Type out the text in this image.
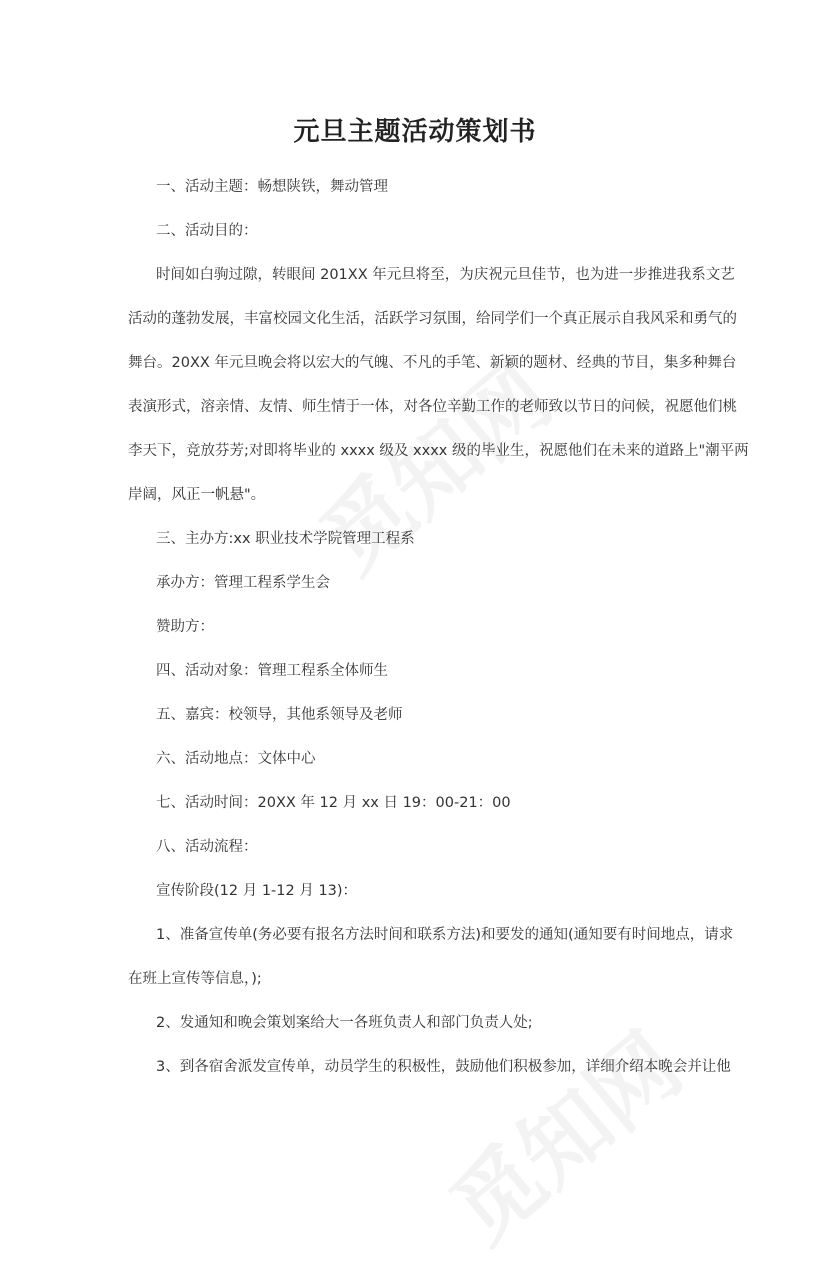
元旦主题活动策划书
一、活动主题：畅想陕铁，舞动管理
二、活动目的：
时间如白驹过隙，转眼间 201XX 年元旦将至，为庆祝元旦佳节，也为进一步推进我系文艺
活动的蓬勃发展，丰富校园文化生活，活跃学习氛围，给同学们一个真正展示自我风采和勇气的
舞台。20XX 年元旦晚会将以宏大的气魄、不凡的手笔、新颖的题材、经典的节目，集多种舞台
表演形式，溶亲情、友情、师生情于一体，对各位辛勤工作的老师致以节日的问候，祝愿他们桃
李天下，竞放芬芳;对即将毕业的 xxxx 级及 xxxx 级的毕业生，祝愿他们在未来的道路上"潮平两
岸阔，风正一帆悬"。
三、主办方:xx 职业技术学院管理工程系
承办方：管理工程系学生会
赞助方：
四、活动对象：管理工程系全体师生
五、嘉宾：校领导，其他系领导及老师
六、活动地点：文体中心
七、活动时间：20XX 年 12 月 xx 日 19：00-21：00
八、活动流程：
宣传阶段(12 月 1-12 月 13)：
1、准备宣传单(务必要有报名方法时间和联系方法)和要发的通知(通知要有时间地点，请求
在班上宣传等信息，);
2、发通知和晚会策划案给大一各班负责人和部门负责人处;
3、到各宿舍派发宣传单，动员学生的积极性，鼓励他们积极参加，详细介绍本晚会并让他
